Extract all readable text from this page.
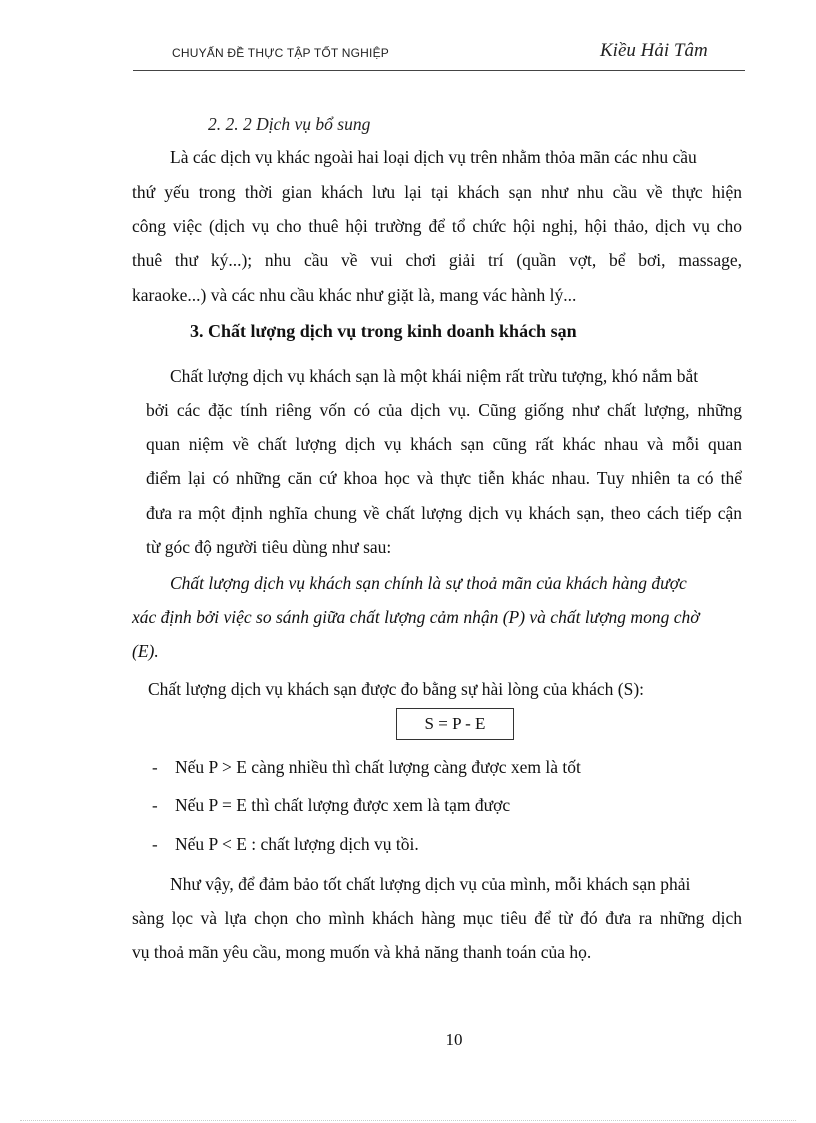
CHUYẤN ĐỀ THỰC TẬP TỐT NGHIỆP	Kiều Hải Tâm
2. 2. 2 Dịch vụ bổ sung
Là các dịch vụ khác ngoài hai loại dịch vụ trên nhằm thỏa mãn các nhu cầu
thứ yếu trong thời gian khách lưu lại tại khách sạn như nhu cầu về thực hiện
công việc (dịch vụ cho thuê hội trường để tổ chức hội nghị, hội thảo, dịch vụ cho
thuê thư ký...); nhu cầu về vui chơi giải trí (quần vợt, bể bơi, massage,
karaoke...) và các nhu cầu khác như giặt là, mang vác hành lý...
3. Chất lượng dịch vụ trong kinh doanh khách sạn
Chất lượng dịch vụ khách sạn là một khái niệm rất trừu tượng, khó nắm bắt
bởi các đặc tính riêng vốn có của dịch vụ. Cũng giống như chất lượng, những
quan niệm về chất lượng dịch vụ khách sạn cũng rất khác nhau và mỗi quan
điểm lại có những căn cứ khoa học và thực tiễn khác nhau. Tuy nhiên ta có thể
đưa ra một định nghĩa chung về chất lượng dịch vụ khách sạn, theo cách tiếp cận
từ góc độ người tiêu dùng như sau:
Chất lượng dịch vụ khách sạn chính là sự thoả mãn của khách hàng được
xác định bởi việc so sánh giữa chất lượng cảm nhận (P) và chất lượng mong chờ
(E).
Chất lượng dịch vụ khách sạn được đo bằng sự hài lòng của khách (S):
S = P - E
- Nếu P > E càng nhiều thì chất lượng càng được xem là tốt
- Nếu P = E thì chất lượng được xem là tạm được
- Nếu P < E : chất lượng dịch vụ tồi.
Như vậy, để đảm bảo tốt chất lượng dịch vụ của mình, mỗi khách sạn phải
sàng lọc và lựa chọn cho mình khách hàng mục tiêu để từ đó đưa ra những dịch
vụ thoả mãn yêu cầu, mong muốn và khả năng thanh toán của họ.
10
